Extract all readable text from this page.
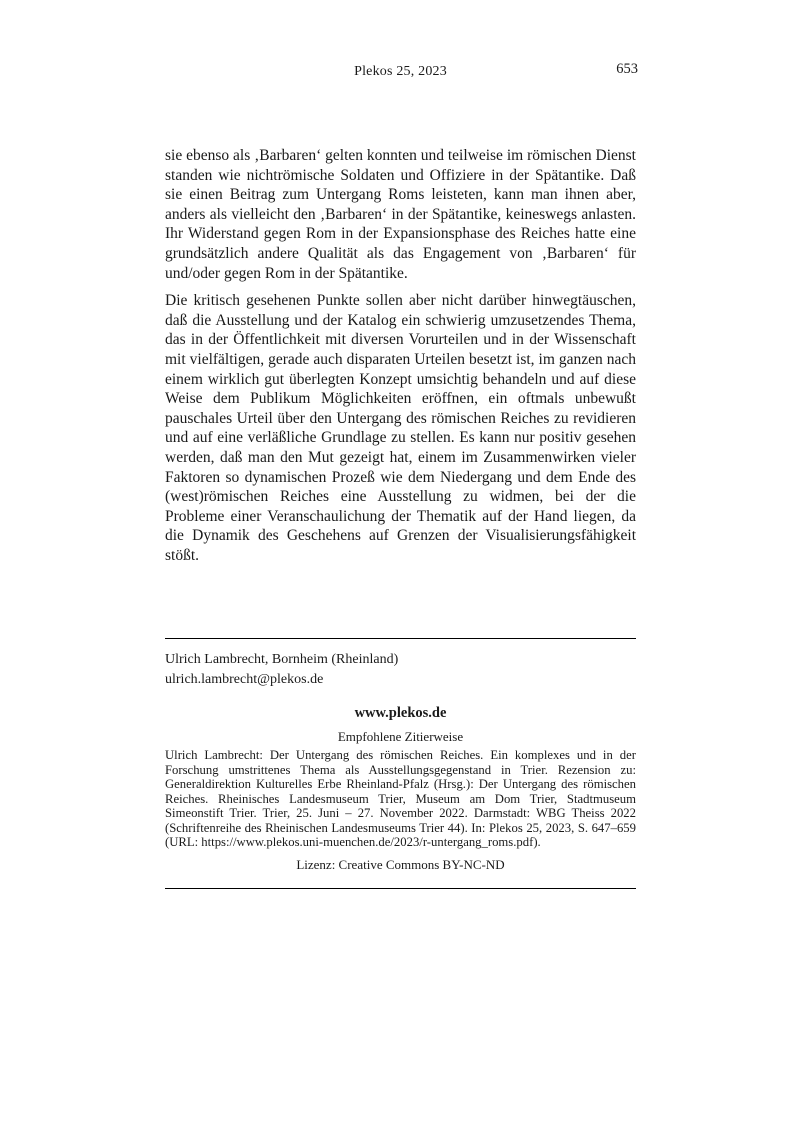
Plekos 25, 2023	653

sie ebenso als ‚Barbaren‘ gelten konnten und teilweise im römischen Dienst standen wie nichtrömische Soldaten und Offiziere in der Spätantike. Daß sie einen Beitrag zum Untergang Roms leisteten, kann man ihnen aber, anders als vielleicht den ‚Barbaren‘ in der Spätantike, keineswegs anlasten. Ihr Widerstand gegen Rom in der Expansionsphase des Reiches hatte eine grundsätzlich andere Qualität als das Engagement von ‚Barbaren‘ für und/oder gegen Rom in der Spätantike.

Die kritisch gesehenen Punkte sollen aber nicht darüber hinwegtäuschen, daß die Ausstellung und der Katalog ein schwierig umzusetzendes Thema, das in der Öffentlichkeit mit diversen Vorurteilen und in der Wissenschaft mit vielfältigen, gerade auch disparaten Urteilen besetzt ist, im ganzen nach einem wirklich gut überlegten Konzept umsichtig behandeln und auf diese Weise dem Publikum Möglichkeiten eröffnen, ein oftmals unbewußt pauschales Urteil über den Untergang des römischen Reiches zu revidieren und auf eine verläßliche Grundlage zu stellen. Es kann nur positiv gesehen werden, daß man den Mut gezeigt hat, einem im Zusammenwirken vieler Faktoren so dynamischen Prozeß wie dem Niedergang und dem Ende des (west)römischen Reiches eine Ausstellung zu widmen, bei der die Probleme einer Veranschaulichung der Thematik auf der Hand liegen, da die Dynamik des Geschehens auf Grenzen der Visualisierungsfähigkeit stößt.

Ulrich Lambrecht, Bornheim (Rheinland)
ulrich.lambrecht@plekos.de
www.plekos.de
Empfohlene Zitierweise

Ulrich Lambrecht: Der Untergang des römischen Reiches. Ein komplexes und in der Forschung umstrittenes Thema als Ausstellungsgegenstand in Trier. Rezension zu: Generaldirektion Kulturelles Erbe Rheinland-Pfalz (Hrsg.): Der Untergang des römischen Reiches. Rheinisches Landesmuseum Trier, Museum am Dom Trier, Stadtmuseum Simeonstift Trier. Trier, 25. Juni – 27. November 2022. Darmstadt: WBG Theiss 2022 (Schriftenreihe des Rheinischen Landesmuseums Trier 44). In: Plekos 25, 2023, S. 647–659 (URL: https://www.plekos.uni-muenchen.de/2023/r-untergang_roms.pdf).

Lizenz: Creative Commons BY-NC-ND
